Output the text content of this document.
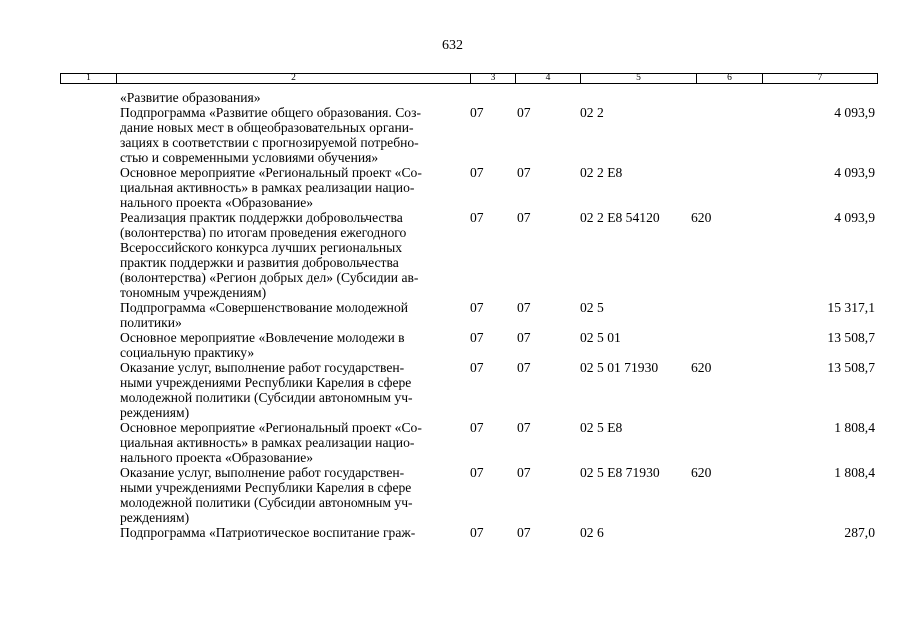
632
1	2	3	4	5	6	7
«Развитие образования»
Подпрограмма «Развитие общего образования. Соз-
дание новых мест в общеобразовательных органи-
зациях в соответствии с прогнозируемой потребно-
стью и современными условиями обучения»
07 07	02 2	4 093,9
Основное мероприятие «Региональный проект «Со-
циальная активность» в рамках реализации нацио-
нального проекта «Образование»
07 07	02 2 E8	4 093,9
Реализация практик поддержки добровольчества
(волонтерства) по итогам проведения ежегодного
Всероссийского конкурса лучших региональных
практик поддержки и развития добровольчества
(волонтерства) «Регион добрых дел» (Субсидии ав-
тономным учреждениям)
07 07	02 2 E8 54120 620	4 093,9
Подпрограмма «Совершенствование молодежной
политики»
07 07	02 5	15 317,1
Основное мероприятие «Вовлечение молодежи в
социальную практику»
07 07	02 5 01	13 508,7
Оказание услуг, выполнение работ государствен-
ными учреждениями Республики Карелия в сфере
молодежной политики (Субсидии автономным уч-
реждениям)
07 07	02 5 01 71930 620	13 508,7
Основное мероприятие «Региональный проект «Со-
циальная активность» в рамках реализации нацио-
нального проекта «Образование»
07 07	02 5 E8	1 808,4
Оказание услуг, выполнение работ государствен-
ными учреждениями Республики Карелия в сфере
молодежной политики (Субсидии автономным уч-
реждениям)
07 07	02 5 E8 71930 620	1 808,4
Подпрограмма «Патриотическое воспитание граж-	07 07	02 6	287,0
